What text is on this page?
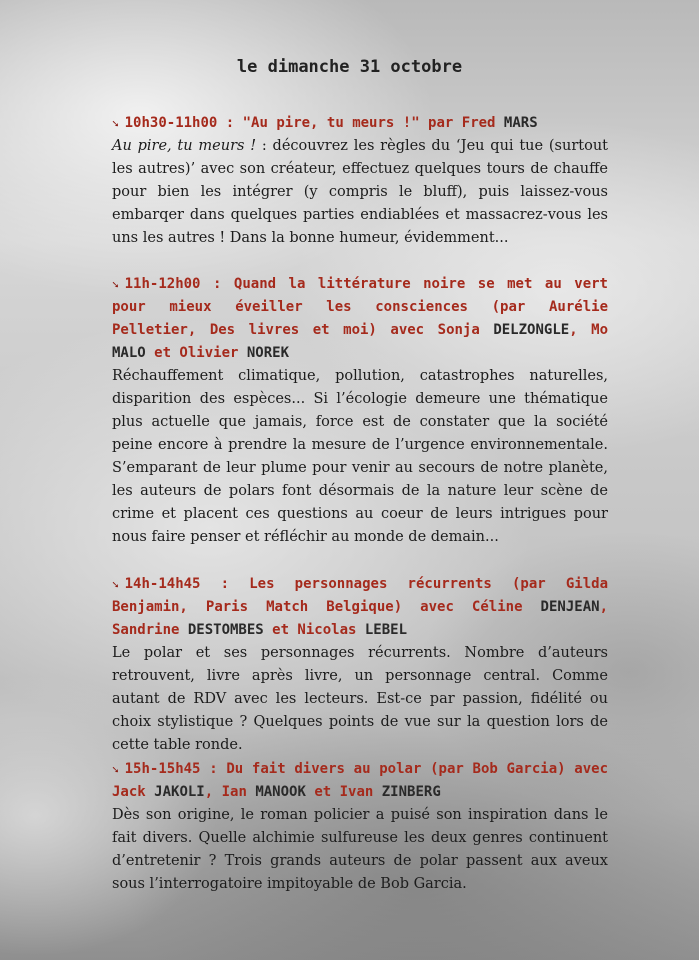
le dimanche 31 octobre
➘ 10h30-11h00 : "Au pire, tu meurs !" par Fred MARS

Au pire, tu meurs ! : découvrez les règles du ‘Jeu qui tue (surtout les autres)’ avec son créateur, effectuez quelques tours de chauffe pour bien les intégrer (y compris le bluff), puis laissez-vous embarqer dans quelques parties endiablées et massacrez-vous les uns les autres ! Dans la bonne humeur, évidemment...

➘ 11h-12h00 : Quand la littérature noire se met au vert pour mieux éveiller les consciences (par Aurélie Pelletier, Des livres et moi) avec Sonja DELZONGLE, Mo MALO et Olivier NOREK

Réchauffement climatique, pollution, catastrophes naturelles, disparition des espèces... Si l’écologie demeure une thématique plus actuelle que jamais, force est de constater que la société peine encore à prendre la mesure de l’urgence environnementale. S’emparant de leur plume pour venir au secours de notre planète, les auteurs de polars font désormais de la nature leur scène de crime et placent ces questions au coeur de leurs intrigues pour nous faire penser et réfléchir au monde de demain...

➘ 14h-14h45 : Les personnages récurrents (par Gilda Benjamin, Paris Match Belgique) avec Céline DENJEAN, Sandrine DESTOMBES et Nicolas LEBEL

Le polar et ses personnages récurrents. Nombre d’auteurs retrouvent, livre après livre, un personnage central. Comme autant de RDV avec les lecteurs. Est-ce par passion, fidélité ou choix stylistique ? Quelques points de vue sur la question lors de cette table ronde.

➘ 15h-15h45 : Du fait divers au polar (par Bob Garcia) avec Jack JAKOLI, Ian MANOOK et Ivan ZINBERG

Dès son origine, le roman policier a puisé son inspiration dans le fait divers. Quelle alchimie sulfureuse les deux genres continuent d’entretenir ? Trois grands auteurs de polar passent aux aveux sous l’interrogatoire impitoyable de Bob Garcia.
